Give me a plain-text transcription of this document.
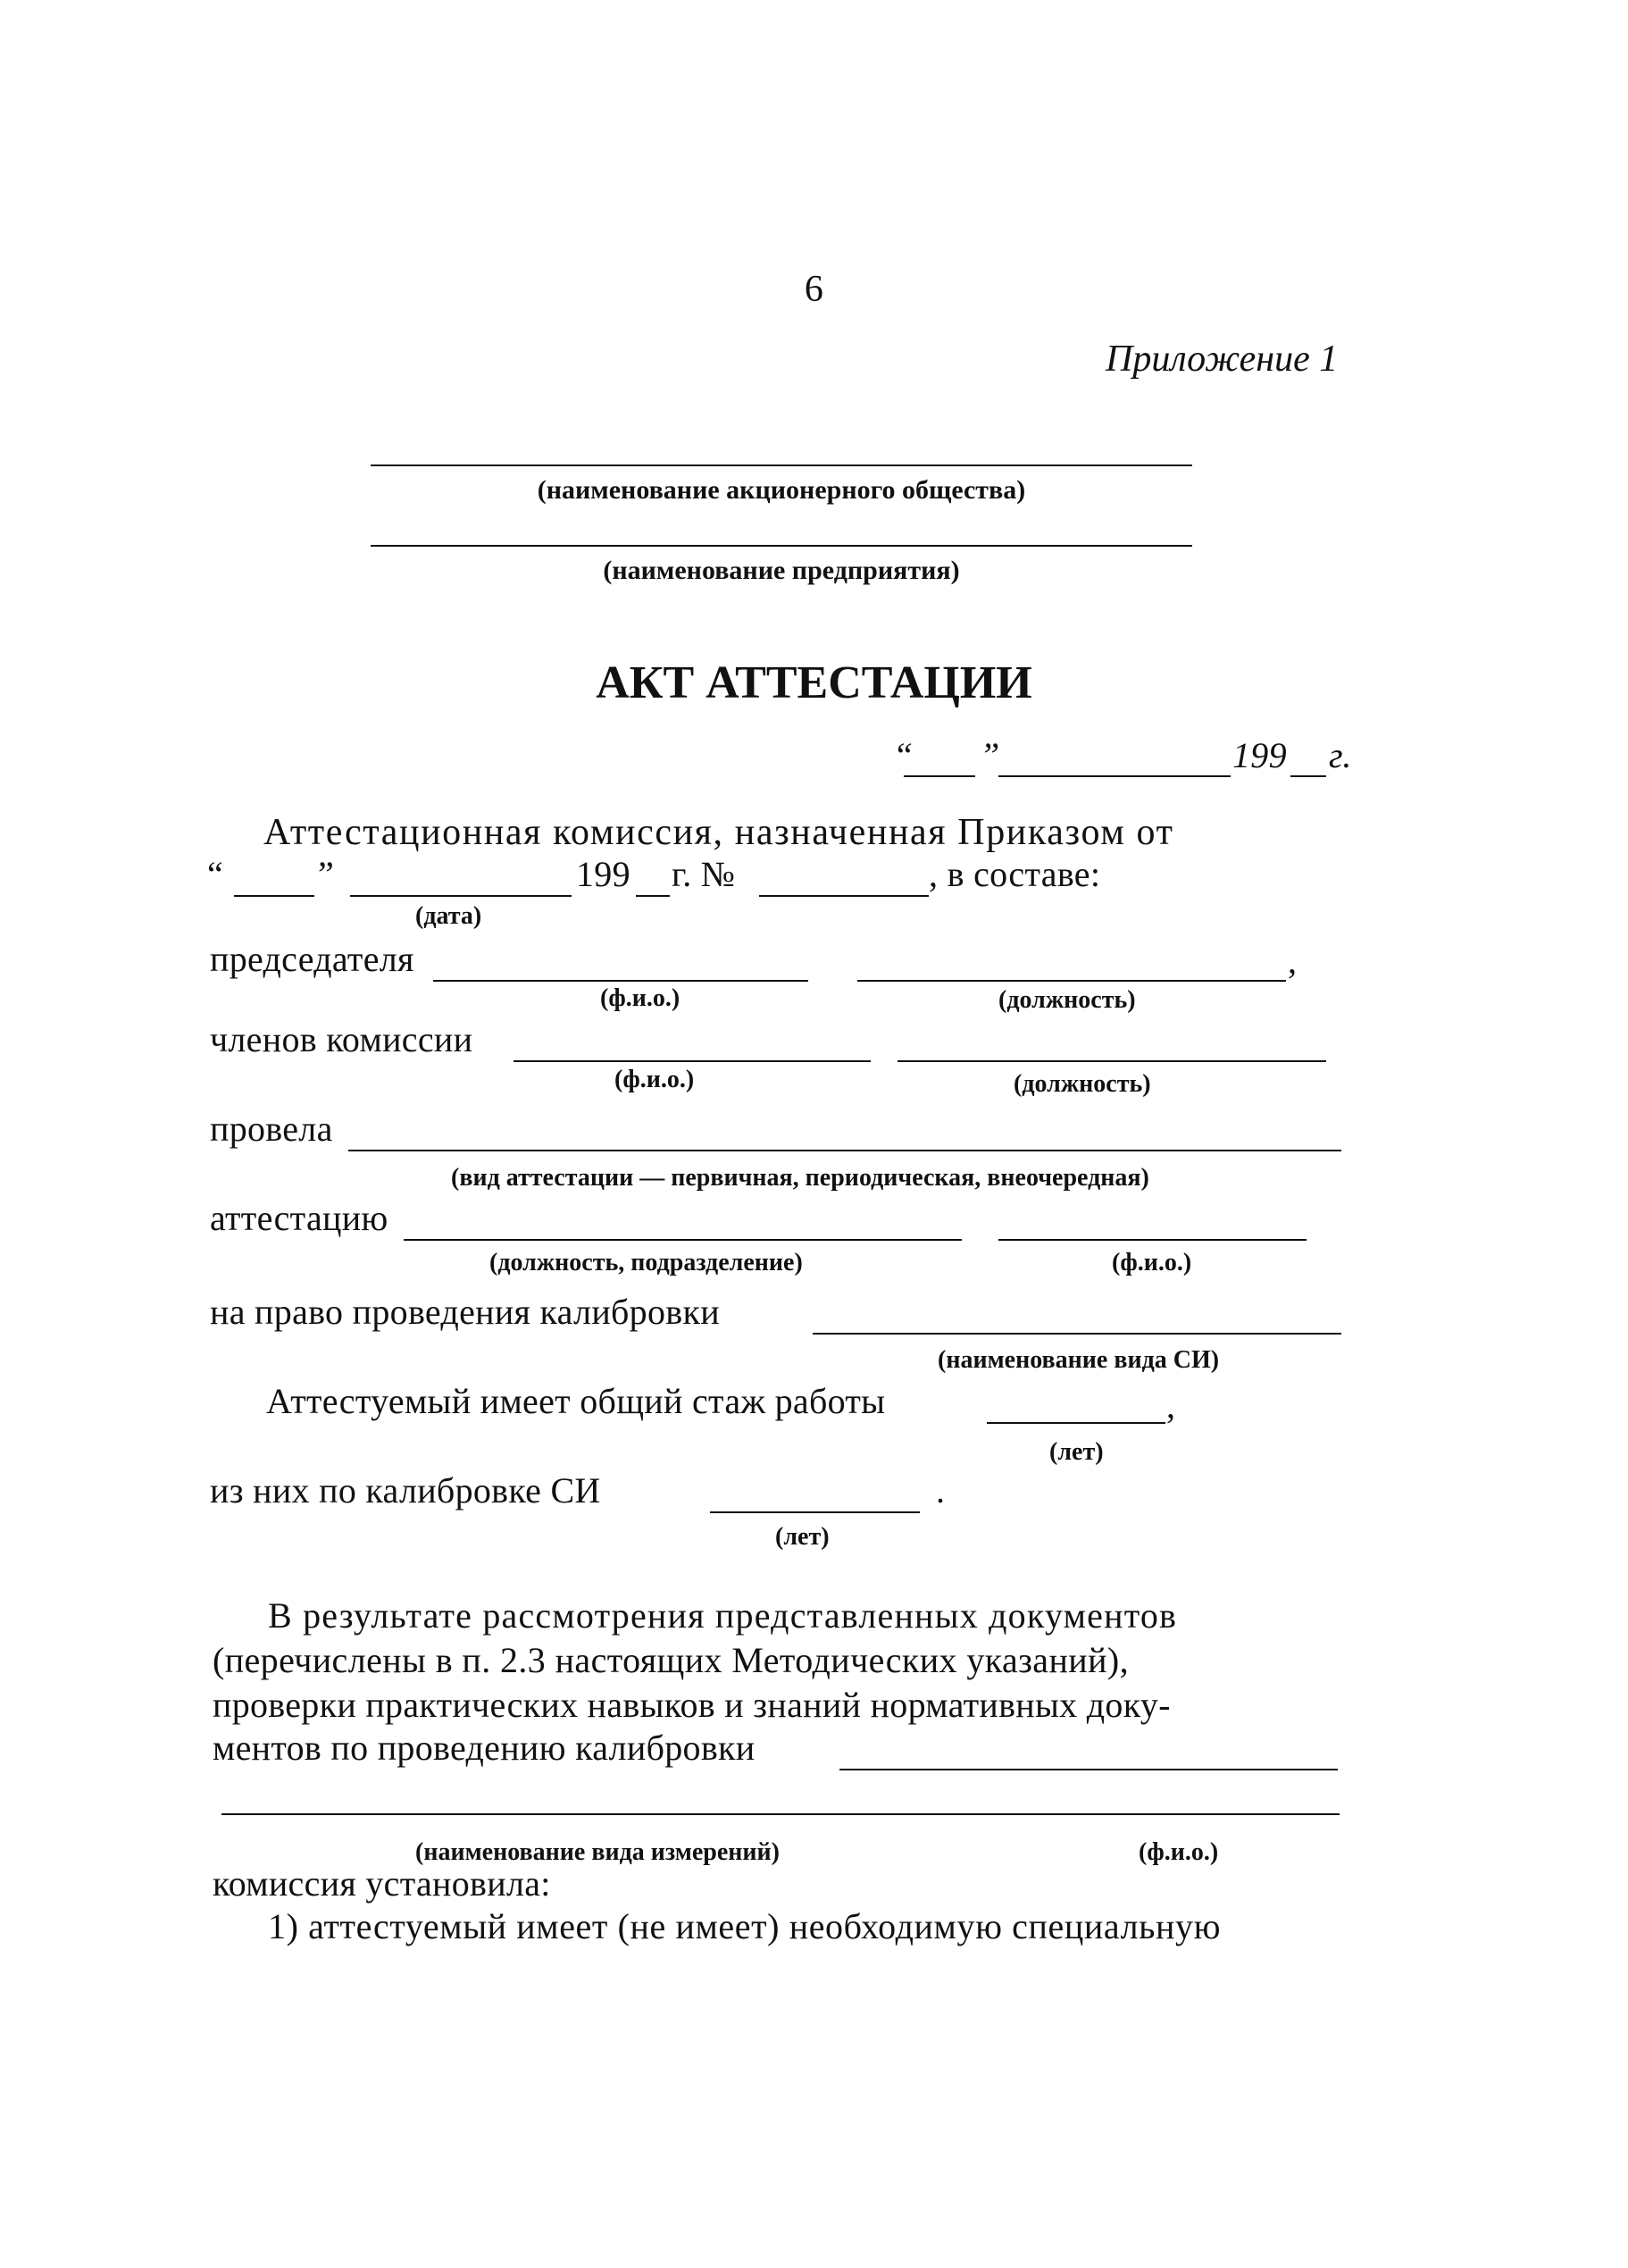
6
Приложение 1
(наименование акционерного общества)
(наименование предприятия)
АКТ АТТЕСТАЦИИ
“ ”	199 г.
Аттестационная комиссия, назначенная Приказом от
“	”	199 г. №	, в составе:
(дата)
председателя	,
(ф.и.о.)	(должность)
членов комиссии
(ф.и.о.)	(должность)
провела
(вид аттестации — первичная, периодическая, внеочередная)
аттестацию
(должность, подразделение)	(ф.и.о.)
на право проведения калибровки
(наименование вида СИ)
Аттестуемый имеет общий стаж работы	,
(лет)
из них по калибровке СИ	.
(лет)
В результате рассмотрения представленных документов
(перечислены в п. 2.3 настоящих Методических указаний),
проверки практических навыков и знаний нормативных доку-
ментов по проведению калибровки
(наименование вида измерений)	(ф.и.о.)
комиссия установила:
1) аттестуемый имеет (не имеет) необходимую специальную
